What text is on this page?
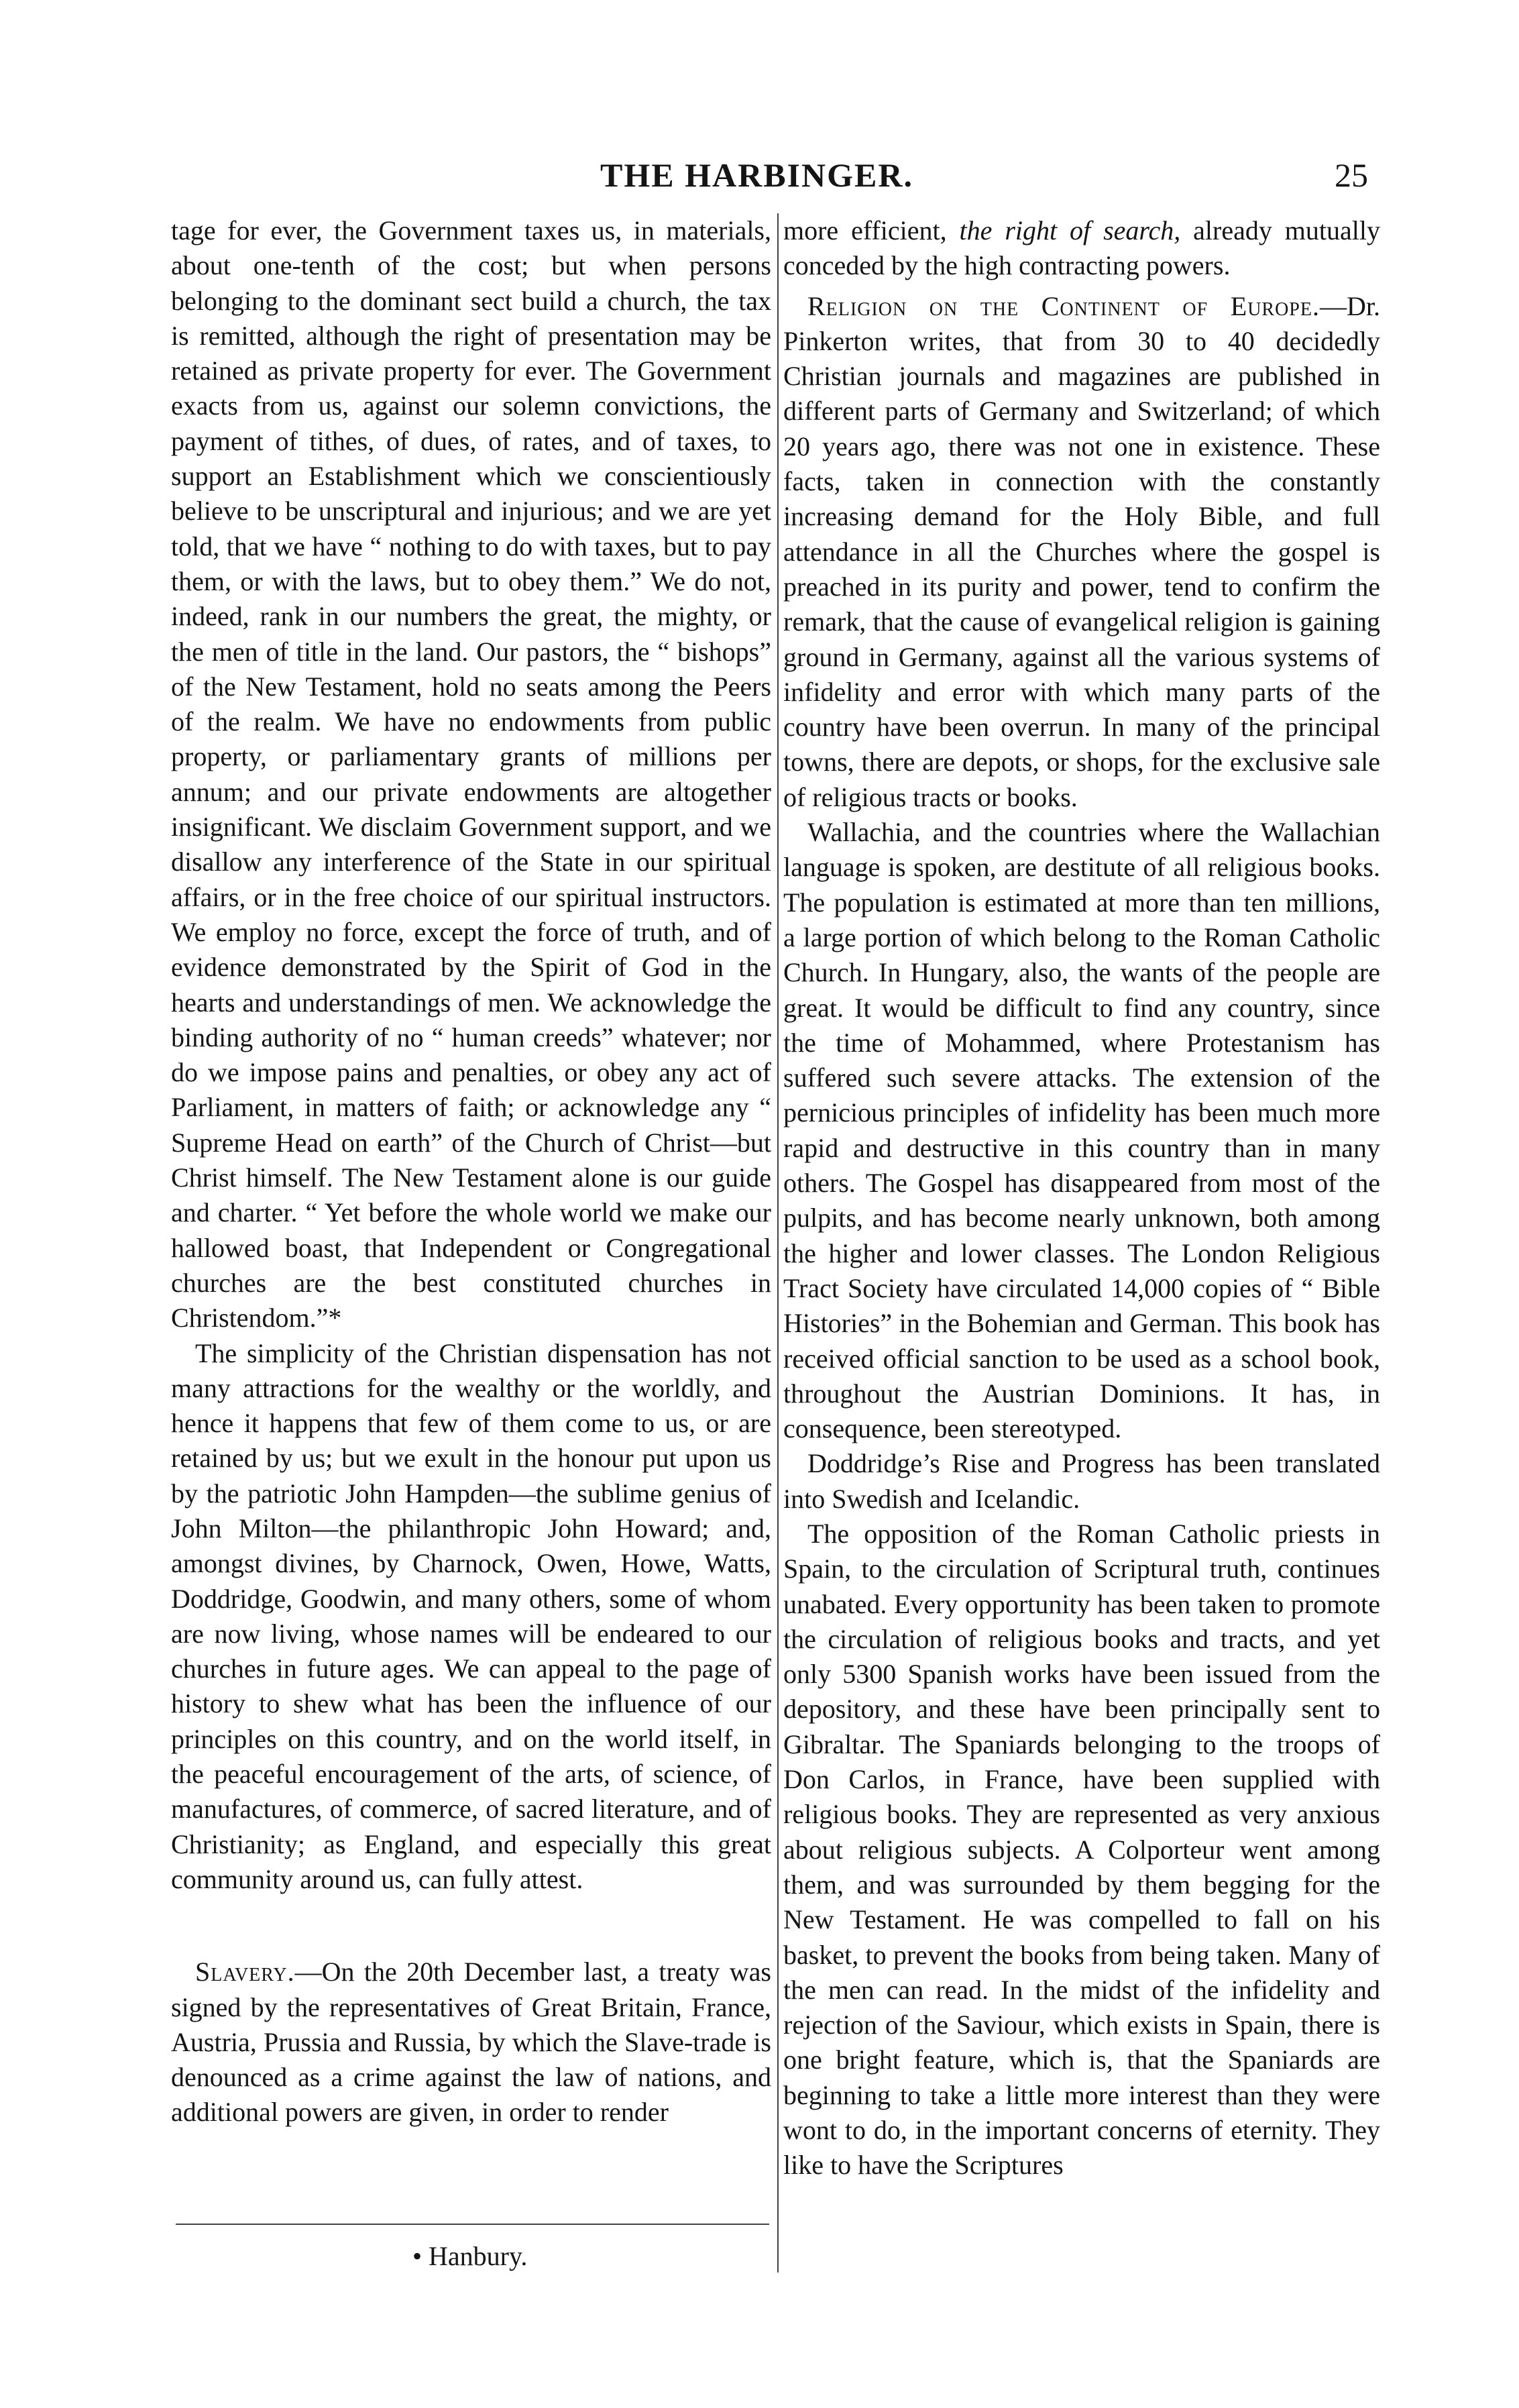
THE HARBINGER.	25

tage for ever, the Government taxes us, in materials, about one-tenth of the cost; but when persons belonging to the dominant sect build a church, the tax is remitted, although the right of presentation may be retained as private property for ever. The Government exacts from us, against our solemn convictions, the payment of tithes, of dues, of rates, and of taxes, to support an Establishment which we conscientiously believe to be unscriptural and injurious; and we are yet told, that we have “ nothing to do with taxes, but to pay them, or with the laws, but to obey them.” We do not, indeed, rank in our numbers the great, the mighty, or the men of title in the land. Our pastors, the “ bishops” of the New Testament, hold no seats among the Peers of the realm. We have no endowments from public property, or parliamentary grants of millions per annum; and our private endowments are altogether insignificant. We disclaim Government support, and we disallow any interference of the State in our spiritual affairs, or in the free choice of our spiritual instructors. We employ no force, except the force of truth, and of evidence demonstrated by the Spirit of God in the hearts and understandings of men. We acknowledge the binding authority of no “ human creeds” whatever; nor do we impose pains and penalties, or obey any act of Parliament, in matters of faith; or acknowledge any “ Supreme Head on earth” of the Church of Christ—but Christ himself. The New Testament alone is our guide and charter. “ Yet before the whole world we make our hallowed boast, that Independent or Congregational churches are the best constituted churches in Christendom.”*

The simplicity of the Christian dispensation has not many attractions for the wealthy or the worldly, and hence it happens that few of them come to us, or are retained by us; but we exult in the honour put upon us by the patriotic John Hampden—the sublime genius of John Milton—the philanthropic John Howard; and, amongst divines, by Charnock, Owen, Howe, Watts, Doddridge, Goodwin, and many others, some of whom are now living, whose names will be endeared to our churches in future ages. We can appeal to the page of history to shew what has been the influence of our principles on this country, and on the world itself, in the peaceful encouragement of the arts, of science, of manufactures, of commerce, of sacred literature, and of Christianity; as England, and especially this great community around us, can fully attest.

Slavery.—On the 20th December last, a treaty was signed by the representatives of Great Britain, France, Austria, Prussia and Russia, by which the Slave-trade is denounced as a crime against the law of nations, and additional powers are given, in order to render

more efficient, the right of search, already mutually conceded by the high contracting powers.

Religion on the Continent of Europe.—Dr. Pinkerton writes, that from 30 to 40 decidedly Christian journals and magazines are published in different parts of Germany and Switzerland; of which 20 years ago, there was not one in existence. These facts, taken in connection with the constantly increasing demand for the Holy Bible, and full attendance in all the Churches where the gospel is preached in its purity and power, tend to confirm the remark, that the cause of evangelical religion is gaining ground in Germany, against all the various systems of infidelity and error with which many parts of the country have been overrun. In many of the principal towns, there are depots, or shops, for the exclusive sale of religious tracts or books.

Wallachia, and the countries where the Wallachian language is spoken, are destitute of all religious books. The population is estimated at more than ten millions, a large portion of which belong to the Roman Catholic Church. In Hungary, also, the wants of the people are great. It would be difficult to find any country, since the time of Mohammed, where Protestanism has suffered such severe attacks. The extension of the pernicious principles of infidelity has been much more rapid and destructive in this country than in many others. The Gospel has disappeared from most of the pulpits, and has become nearly unknown, both among the higher and lower classes. The London Religious Tract Society have circulated 14,000 copies of “ Bible Histories” in the Bohemian and German. This book has received official sanction to be used as a school book, throughout the Austrian Dominions. It has, in consequence, been stereotyped.

Doddridge’s Rise and Progress has been translated into Swedish and Icelandic.

The opposition of the Roman Catholic priests in Spain, to the circulation of Scriptural truth, continues unabated. Every opportunity has been taken to promote the circulation of religious books and tracts, and yet only 5300 Spanish works have been issued from the depository, and these have been principally sent to Gibraltar. The Spaniards belonging to the troops of Don Carlos, in France, have been supplied with religious books. They are represented as very anxious about religious subjects. A Colporteur went among them, and was surrounded by them begging for the New Testament. He was compelled to fall on his basket, to prevent the books from being taken. Many of the men can read. In the midst of the infidelity and rejection of the Saviour, which exists in Spain, there is one bright feature, which is, that the Spaniards are beginning to take a little more interest than they were wont to do, in the important concerns of eternity. They like to have the Scriptures

• Hanbury.
